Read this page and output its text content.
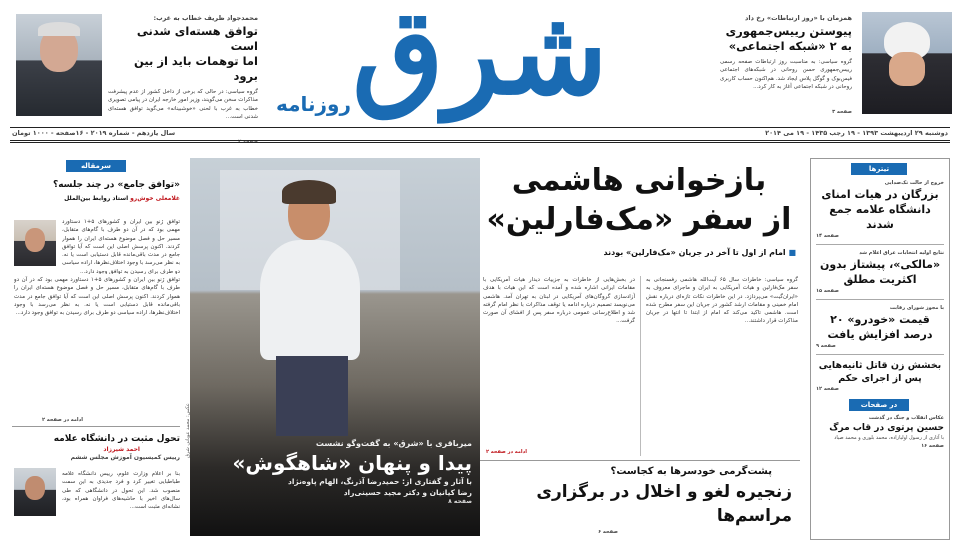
همزمان با «روز ارتباطات» رخ داد
پیوستن رییس‌جمهوری
به ۲ «شبکه اجتماعی»
گروه سیاسی: به مناسبت روز ارتباطات صفحه رسمی رییس‌جمهوری حسن روحانی در شبکه‌های اجتماعی فیس‌بوک و گوگل پلاس ایجاد شد. هم‌اکنون حساب کاربری روحانی در شبکه اجتماعی آغاز به کار کرد...
صفحه ۳
شرق
روزنامه
محمدجواد ظریف خطاب به غرب:
توافق هسته‌ای شدنی است
اما توهمات باید از بین برود
گروه سیاسی: در حالی که برخی از داخل کشور از عدم پیشرفت مذاکرات سخن می‌گویند، وزیر امور خارجه ایران در پیامی تصویری خطاب به غرب با لحنی «خوشبینانه» می‌گوید توافق هسته‌ای شدنی است...
صفحه ۲
دوشنبه ۲۹ اردیبهشت ۱۳۹۳ - ۱۹ رجب ۱۴۳۵ - ۱۹ می ۲۰۱۴
سال یازدهم - شماره ۲۰۱۹ - ۱۶صفحه - ۱۰۰۰ تومان
تیترها
خروج از حالت تک‌صدایی
بزرگان در هیات امنای دانشگاه علامه جمع شدند
صفحه ۱۴
نتایج اولیه انتخابات عراق اعلام شد
«مالکی»، پیشتاز بدون اکثریت مطلق
صفحه ۱۵
با مجوز شورای رقابت
قیمت «خودرو» ۲۰ درصد افزایش یافت
صفحه ۹
بخشش زن قاتل ثانیه‌هایی پس از اجرای حکم
صفحه ۱۲
در صفحات
عکاس انقلاب و جنگ در گذشت
حسین پرتوی در قاب مرگ
با آثاری از رسول اولیازاده، محمد بلوری و محمد صیاد
صفحه ۱۶
بازخوانی هاشمی
از سفر «مک‌فارلین»
■ امام از اول تا آخر در جریان «مک‌فارلین» بودند
گروه سیاسی: خاطرات سال ۶۵ آیت‌الله هاشمی رفسنجانی به سفر مک‌فارلین و هیات آمریکایی به ایران و ماجرای معروف به «ایران‌گیت» می‌پردازد. در این خاطرات نکات تازه‌ای درباره نقش امام خمینی و مقامات ارشد کشور در جریان این سفر مطرح شده است. هاشمی تاکید می‌کند که امام از ابتدا تا انتها در جریان مذاکرات قرار داشتند...
در بخش‌هایی از خاطرات به جزییات دیدار هیات آمریکایی با مقامات ایرانی اشاره شده و آمده است که این هیات با هدف آزادسازی گروگان‌های آمریکایی در لبنان به تهران آمد. هاشمی می‌نویسد تصمیم درباره ادامه یا توقف مذاکرات با نظر امام گرفته شد و اطلاع‌رسانی عمومی درباره سفر پس از افشای آن صورت گرفت...
ادامه در صفحه ۲
پشت‌گرمی خودسرها به کجاست؟
زنجیره لغو و اخلال در برگزاری مراسم‌ها
صفحه ۶
عکس: محمد عوبانی شرق	میرباقری با «شرق» به گفت‌وگو نشست
پیدا و پنهان «شاهگوش»
با آثار و گفتاری از: حمیدرضا آذرنگ، الهام پاوه‌نژاد
رضا کیانیان و دکتر مجید حسینی‌راد
صفحه ۸
سرمقاله
«توافق جامع» در چند جلسه؟
غلامعلی خوش‌رو استاد روابط بین‌الملل
توافق ژنو بین ایران و کشورهای ۵+۱ دستاورد مهمی بود که در آن دو طرف با گام‌های متقابل، مسیر حل و فصل موضوع هسته‌ای ایران را هموار کردند. اکنون پرسش اصلی این است که آیا توافق جامع در مدت باقی‌مانده قابل دستیابی است یا نه. به نظر می‌رسد با وجود اختلاف‌نظرها، اراده سیاسی دو طرف برای رسیدن به توافق وجود دارد...
توافق ژنو بین ایران و کشورهای ۵+۱ دستاورد مهمی بود که در آن دو طرف با گام‌های متقابل، مسیر حل و فصل موضوع هسته‌ای ایران را هموار کردند. اکنون پرسش اصلی این است که آیا توافق جامع در مدت باقی‌مانده قابل دستیابی است یا نه. به نظر می‌رسد با وجود اختلاف‌نظرها، اراده سیاسی دو طرف برای رسیدن به توافق وجود دارد...
ادامه در صفحه ۲
تحول مثبت در دانشگاه علامه
احمد شیرزاد
رییس کمیسیون آموزش مجلس ششم
بنا بر اعلام وزارت علوم، رییس دانشگاه علامه طباطبایی تغییر کرد و فرد جدیدی به این سمت منصوب شد. این تحول در دانشگاهی که طی سال‌های اخیر با حاشیه‌های فراوان همراه بود، نشانه‌ای مثبت است...
